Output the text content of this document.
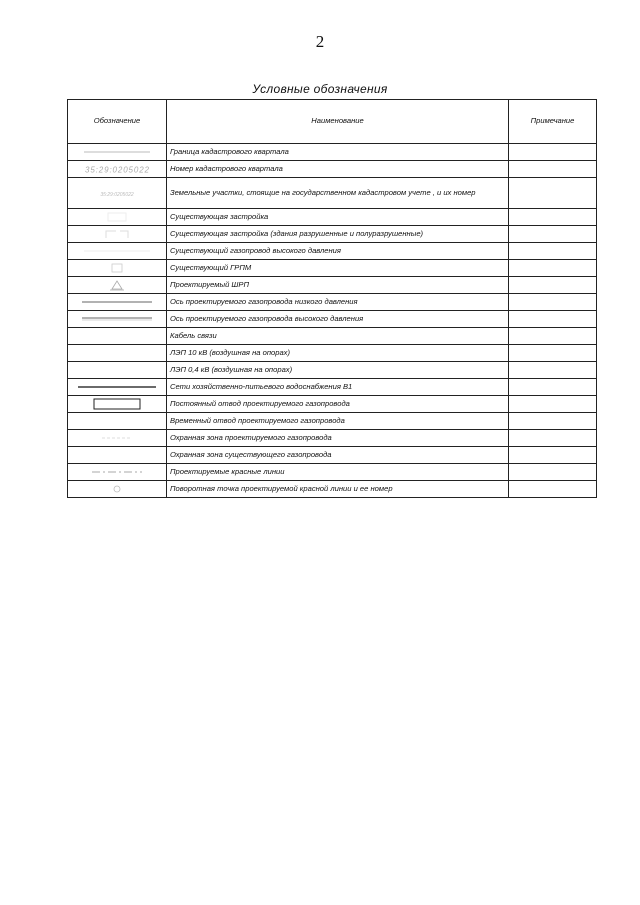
2
Условные обозначения
Обозначение	Наименование	Примечание

	Граница кадастрового квартала	

35:29:0205022	Номер кадастрового квартала	

35:29:0205022	Земельные участки, стоящие на государственном кадастровом учете , и их номер	

	Существующая застройка	

	Существующая застройка (здания разрушенные и полуразрушенные)	

	Существующий газопровод высокого давления	

	Существующий ГРПМ	

	Проектируемый ШРП	

	Ось проектируемого газопровода низкого давления	

	Ось проектируемого газопровода высокого давления	

	Кабель связи	

	ЛЭП 10 кВ (воздушная на опорах)	

	ЛЭП 0,4 кВ (воздушная на опорах)	

	Сети хозяйственно-питьевого водоснабжения В1	

	Постоянный отвод проектируемого газопровода	

	Временный отвод проектируемого газопровода	

	Охранная зона проектируемого газопровода	

	Охранная зона существующего газопровода	

	Проектируемые красные линии	

	Поворотная точка проектируемой красной линии и ее номер	
